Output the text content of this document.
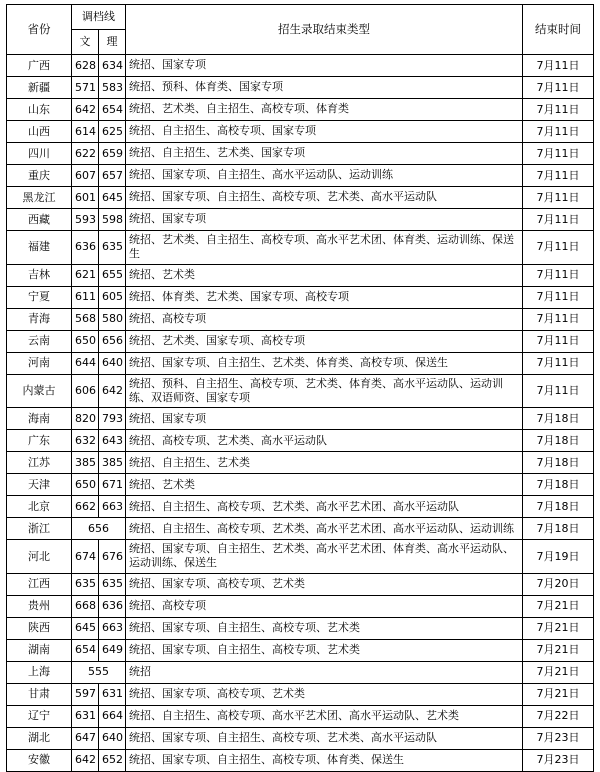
省份	调档线		招生录取结束类型	结束时间
	文	理		
广西	628	634	统招、国家专项	7月11日
新疆	571	583	统招、预科、体育类、国家专项	7月11日
山东	642	654	统招、艺术类、自主招生、高校专项、体育类	7月11日
山西	614	625	统招、自主招生、高校专项、国家专项	7月11日
四川	622	659	统招、自主招生、艺术类、国家专项	7月11日
重庆	607	657	统招、国家专项、自主招生、高水平运动队、运动训练	7月11日
黑龙江	601	645	统招、国家专项、自主招生、高校专项、艺术类、高水平运动队	7月11日
西藏	593	598	统招、国家专项	7月11日
福建	636	635	统招、艺术类、自主招生、高校专项、高水平艺术团、体育类、运动训练、保送生	7月11日
吉林	621	655	统招、艺术类	7月11日
宁夏	611	605	统招、体育类、艺术类、国家专项、高校专项	7月11日
青海	568	580	统招、高校专项	7月11日
云南	650	656	统招、艺术类、国家专项、高校专项	7月11日
河南	644	640	统招、国家专项、自主招生、艺术类、体育类、高校专项、保送生	7月11日
内蒙古	606	642	统招、预科、自主招生、高校专项、艺术类、体育类、高水平运动队、运动训练、双语师资、国家专项	7月11日
海南	820	793	统招、国家专项	7月18日
广东	632	643	统招、高校专项、艺术类、高水平运动队	7月18日
江苏	385	385	统招、自主招生、艺术类	7月18日
天津	650	671	统招、艺术类	7月18日
北京	662	663	统招、自主招生、高校专项、艺术类、高水平艺术团、高水平运动队	7月18日
浙江	656		统招、自主招生、高校专项、艺术类、高水平艺术团、高水平运动队、运动训练	7月18日
河北	674	676	统招、国家专项、自主招生、艺术类、高水平艺术团、体育类、高水平运动队、运动训练、保送生	7月19日
江西	635	635	统招、国家专项、高校专项、艺术类	7月20日
贵州	668	636	统招、高校专项	7月21日
陕西	645	663	统招、国家专项、自主招生、高校专项、艺术类	7月21日
湖南	654	649	统招、国家专项、自主招生、高校专项、艺术类	7月21日
上海	555		统招	7月21日
甘肃	597	631	统招、国家专项、高校专项、艺术类	7月21日
辽宁	631	664	统招、自主招生、高校专项、高水平艺术团、高水平运动队、艺术类	7月22日
湖北	647	640	统招、国家专项、自主招生、高校专项、艺术类、高水平运动队	7月23日
安徽	642	652	统招、国家专项、自主招生、高校专项、体育类、保送生	7月23日
